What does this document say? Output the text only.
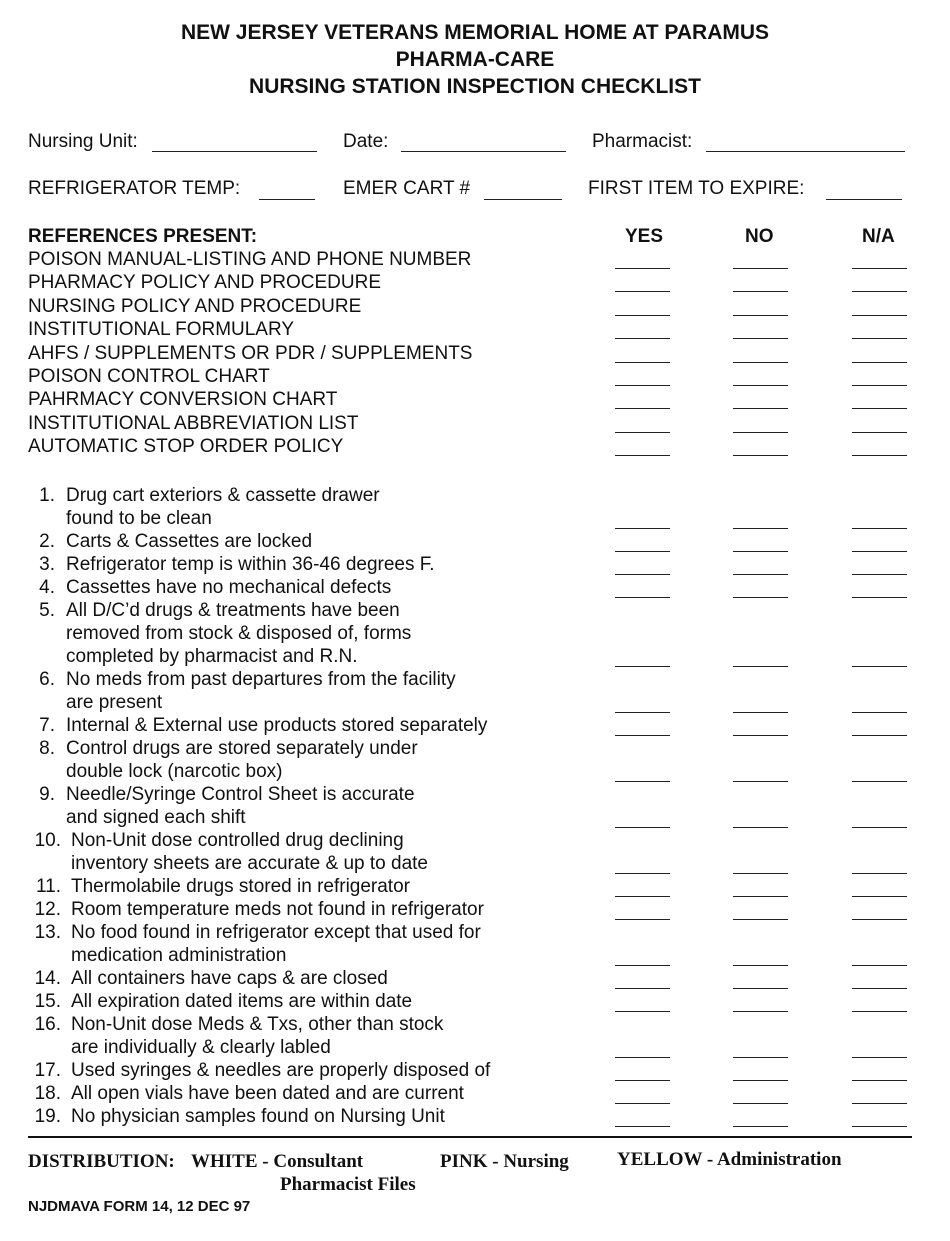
NEW JERSEY VETERANS MEMORIAL HOME AT PARAMUS
PHARMA-CARE
NURSING STATION INSPECTION CHECKLIST
Nursing Unit:	Date:	Pharmacist:
REFRIGERATOR TEMP:	EMER CART #	FIRST ITEM TO EXPIRE:
REFERENCES PRESENT:	YES	NO	N/A
POISON MANUAL-LISTING AND PHONE NUMBER
PHARMACY POLICY AND PROCEDURE
NURSING POLICY AND PROCEDURE
INSTITUTIONAL FORMULARY
AHFS / SUPPLEMENTS OR PDR / SUPPLEMENTS
POISON CONTROL CHART
PAHRMACY CONVERSION CHART
INSTITUTIONAL ABBREVIATION LIST
AUTOMATIC STOP ORDER POLICY
1. Drug cart exteriors & cassette drawer
found to be clean
2. Carts & Cassettes are locked
3. Refrigerator temp is within 36-46 degrees F.
4. Cassettes have no mechanical defects
5. All D/C’d drugs & treatments have been
removed from stock & disposed of, forms
completed by pharmacist and R.N.
6. No meds from past departures from the facility
are present
7. Internal & External use products stored separately
8. Control drugs are stored separately under
double lock (narcotic box)
9. Needle/Syringe Control Sheet is accurate
and signed each shift
10. Non-Unit dose controlled drug declining
inventory sheets are accurate & up to date
11. Thermolabile drugs stored in refrigerator
12. Room temperature meds not found in refrigerator
13. No food found in refrigerator except that used for
medication administration
14. All containers have caps & are closed
15. All expiration dated items are within date
16. Non-Unit dose Meds & Txs, other than stock
are individually & clearly labled
17. Used syringes & needles are properly disposed of
18. All open vials have been dated and are current
19. No physician samples found on Nursing Unit
DISTRIBUTION: WHITE - Consultant
Pharmacist Files
PINK - Nursing	YELLOW - Administration
NJDMAVA FORM 14, 12 DEC 97
